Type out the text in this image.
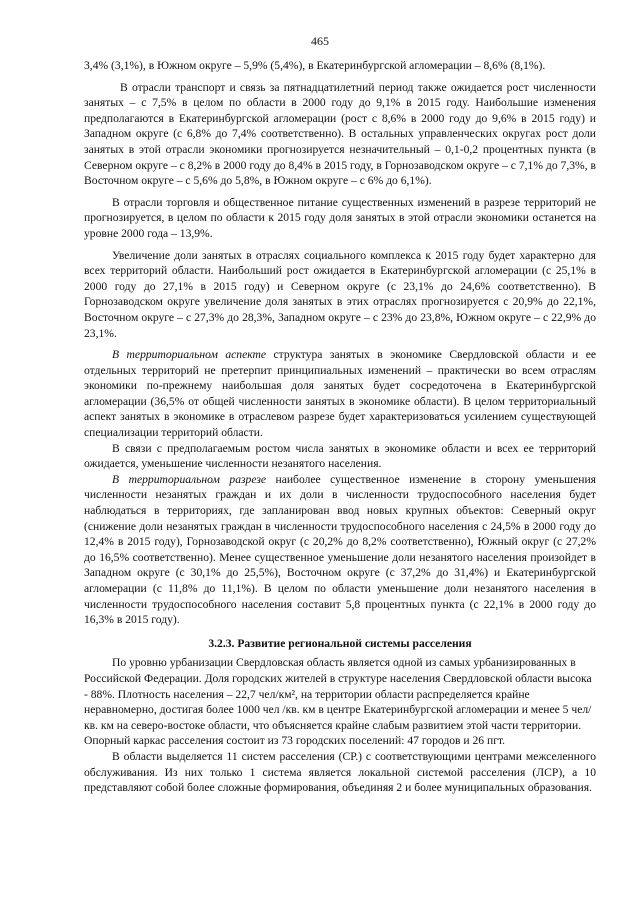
465

3,4% (3,1%), в Южном округе – 5,9% (5,4%), в Екатеринбургской агломерации – 8,6% (8,1%).

В отрасли транспорт и связь за пятнадцатилетний период также ожидается рост численности занятых – с 7,5% в целом по области в 2000 году до 9,1% в 2015 году. Наибольшие изменения предполагаются в Екатеринбургской агломерации (рост с 8,6% в 2000 году до 9,6% в 2015 году) и Западном округе (с 6,8% до 7,4% соответственно). В остальных управленческих округах рост доли занятых в этой отрасли экономики прогнозируется незначительный – 0,1-0,2 процентных пункта (в Северном округе – с 8,2% в 2000 году до 8,4% в 2015 году, в Горнозаводском округе – с 7,1% до 7,3%, в Восточном округе – с 5,6% до 5,8%, в Южном округе – с 6% до 6,1%).

В отрасли торговля и общественное питание существенных изменений в разрезе территорий не прогнозируется, в целом по области к 2015 году доля занятых в этой отрасли экономики останется на уровне 2000 года – 13,9%.

Увеличение доли занятых в отраслях социального комплекса к 2015 году будет характерно для всех территорий области. Наибольший рост ожидается в Екатеринбургской агломерации (с 25,1% в 2000 году до 27,1% в 2015 году) и Северном округе (с 23,1% до 24,6% соответственно). В Горнозаводском округе увеличение доля занятых в этих отраслях прогнозируется с 20,9% до 22,1%, Восточном округе – с 27,3% до 28,3%, Западном округе – с 23% до 23,8%, Южном округе – с 22,9% до 23,1%.

В территориальном аспекте структура занятых в экономике Свердловской области и ее отдельных территорий не претерпит принципиальных изменений – практически во всем отраслям экономики по-прежнему наибольшая доля занятых будет сосредоточена в Екатеринбургской агломерации (36,5% от общей численности занятых в экономике области). В целом территориальный аспект занятых в экономике в отраслевом разрезе будет характеризоваться усилением существующей специализации территорий области.

В связи с предполагаемым ростом числа занятых в экономике области и всех ее территорий ожидается, уменьшение численности незанятого населения.

В территориальном разрезе наиболее существенное изменение в сторону уменьшения численности незанятых граждан и их доли в численности трудоспособного населения будет наблюдаться в территориях, где запланирован ввод новых крупных объектов: Северный округ (снижение доли незанятых граждан в численности трудоспособного населения с 24,5% в 2000 году до 12,4% в 2015 году), Горнозаводской округ (с 20,2% до 8,2% соответственно), Южный округ (с 27,2% до 16,5% соответственно). Менее существенное уменьшение доли незанятого населения произойдет в Западном округе (с 30,1% до 25,5%), Восточном округе (с 37,2% до 31,4%) и Екатеринбургской агломерации (с 11,8% до 11,1%). В целом по области уменьшение доли незанятого населения в численности трудоспособного населения составит 5,8 процентных пункта (с 22,1% в 2000 году до 16,3% в 2015 году).

3.2.3. Развитие региональной системы расселения

По уровню урбанизации Свердловская область является одной из самых урбанизированных в Российской Федерации. Доля городских жителей в структуре населения Свердловской области высока - 88%. Плотность населения – 22,7 чел/км², на территории области распределяется крайне неравномерно, достигая более 1000 чел /кв. км в центре Екатеринбургской агломерации и менее 5 чел/кв. км на северо-востоке области, что объясняется крайне слабым развитием этой части территории. Опорный каркас расселения состоит из 73 городских поселений: 47 городов и 26 пгт.

В области выделяется 11 систем расселения (СР.) с соответствующими центрами межселенного обслуживания. Из них только 1 система является локальной системой расселения (ЛСР), а 10 представляют собой более сложные формирования, объединяя 2 и более муниципальных образования.
